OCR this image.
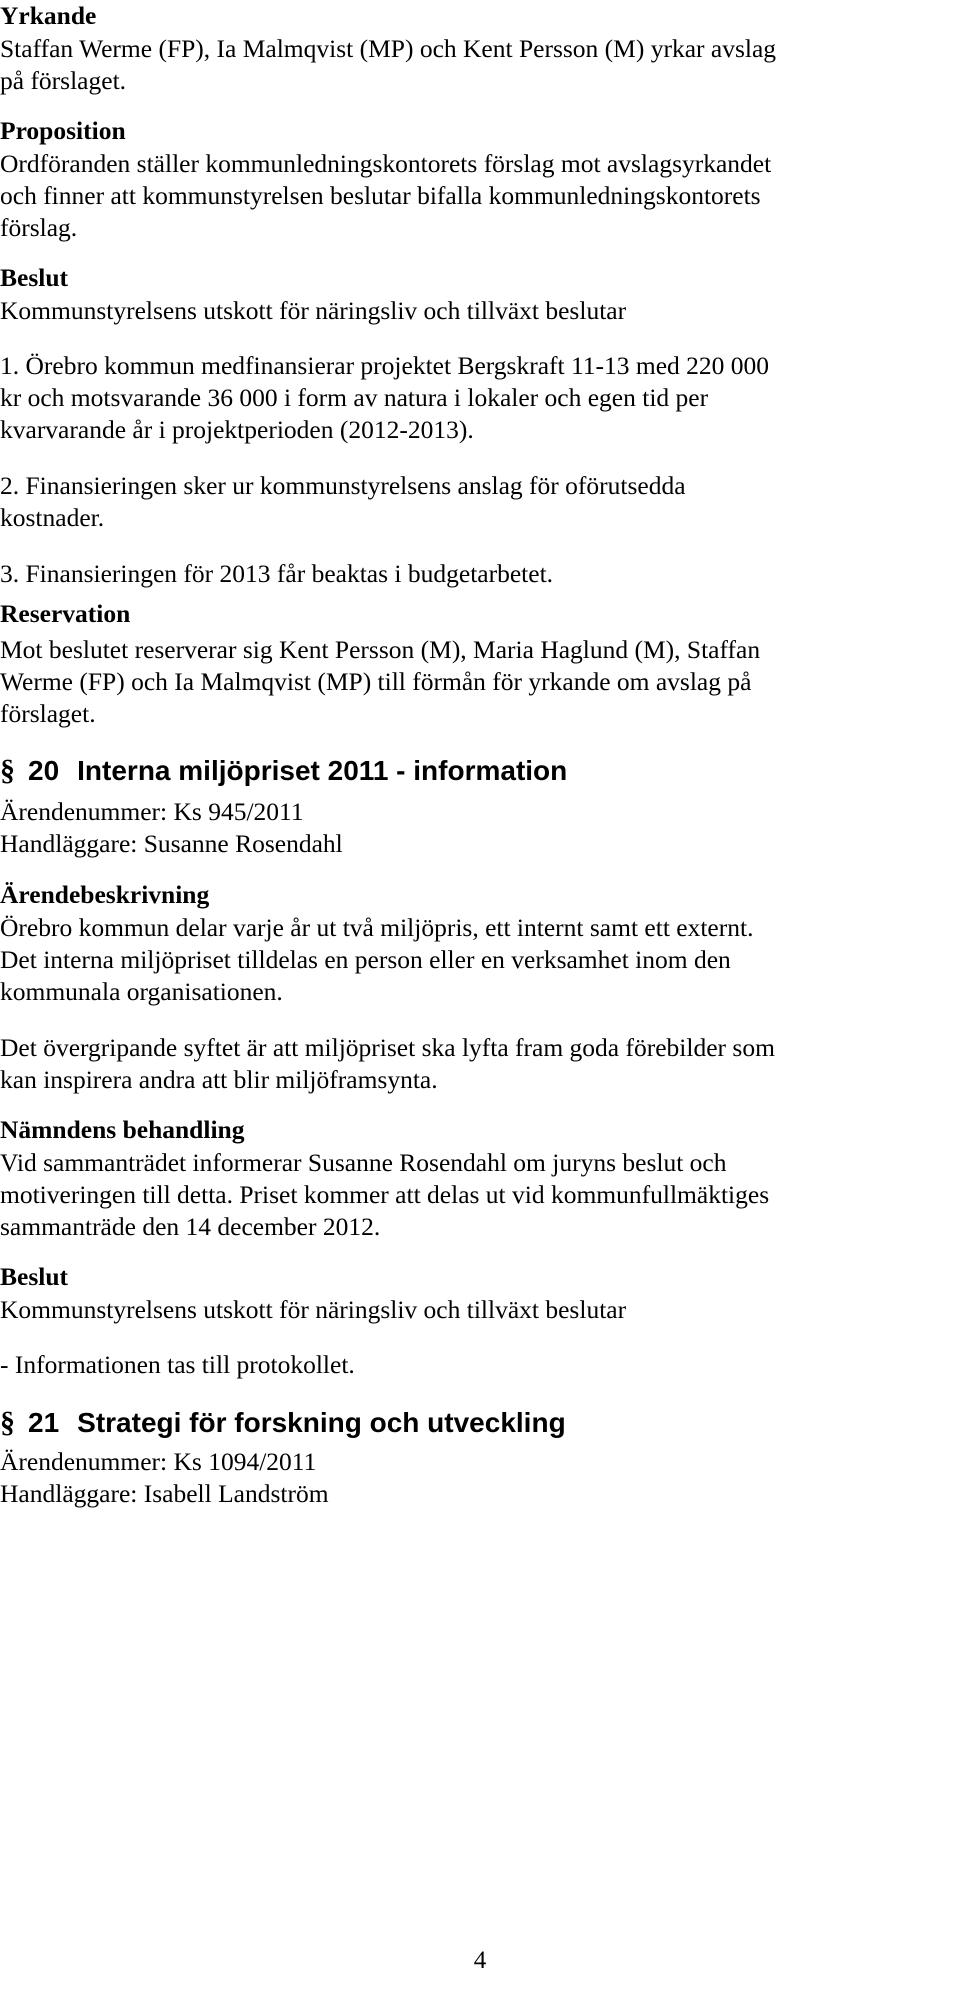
Yrkande
Staffan Werme (FP), Ia Malmqvist (MP) och Kent Persson (M) yrkar avslag
på förslaget.
Proposition
Ordföranden ställer kommunledningskontorets förslag mot avslagsyrkandet
och finner att kommunstyrelsen beslutar bifalla kommunledningskontorets
förslag.
Beslut
Kommunstyrelsens utskott för näringsliv och tillväxt beslutar
1. Örebro kommun medfinansierar projektet Bergskraft 11-13 med 220 000
kr och motsvarande 36 000 i form av natura i lokaler och egen tid per
kvarvarande år i projektperioden (2012-2013).
2. Finansieringen sker ur kommunstyrelsens anslag för oförutsedda
kostnader.
3. Finansieringen för 2013 får beaktas i budgetarbetet.
Reservation
Mot beslutet reserverar sig Kent Persson (M), Maria Haglund (M), Staffan
Werme (FP) och Ia Malmqvist (MP) till förmån för yrkande om avslag på
förslaget.
§ 20 Interna miljöpriset 2011 - information
Ärendenummer: Ks 945/2011
Handläggare: Susanne Rosendahl
Ärendebeskrivning
Örebro kommun delar varje år ut två miljöpris, ett internt samt ett externt.
Det interna miljöpriset tilldelas en person eller en verksamhet inom den
kommunala organisationen.
Det övergripande syftet är att miljöpriset ska lyfta fram goda förebilder som
kan inspirera andra att blir miljöframsynta.
Nämndens behandling
Vid sammanträdet informerar Susanne Rosendahl om juryns beslut och
motiveringen till detta. Priset kommer att delas ut vid kommunfullmäktiges
sammanträde den 14 december 2012.
Beslut
Kommunstyrelsens utskott för näringsliv och tillväxt beslutar
- Informationen tas till protokollet.
§ 21 Strategi för forskning och utveckling
Ärendenummer: Ks 1094/2011
Handläggare: Isabell Landström
4
